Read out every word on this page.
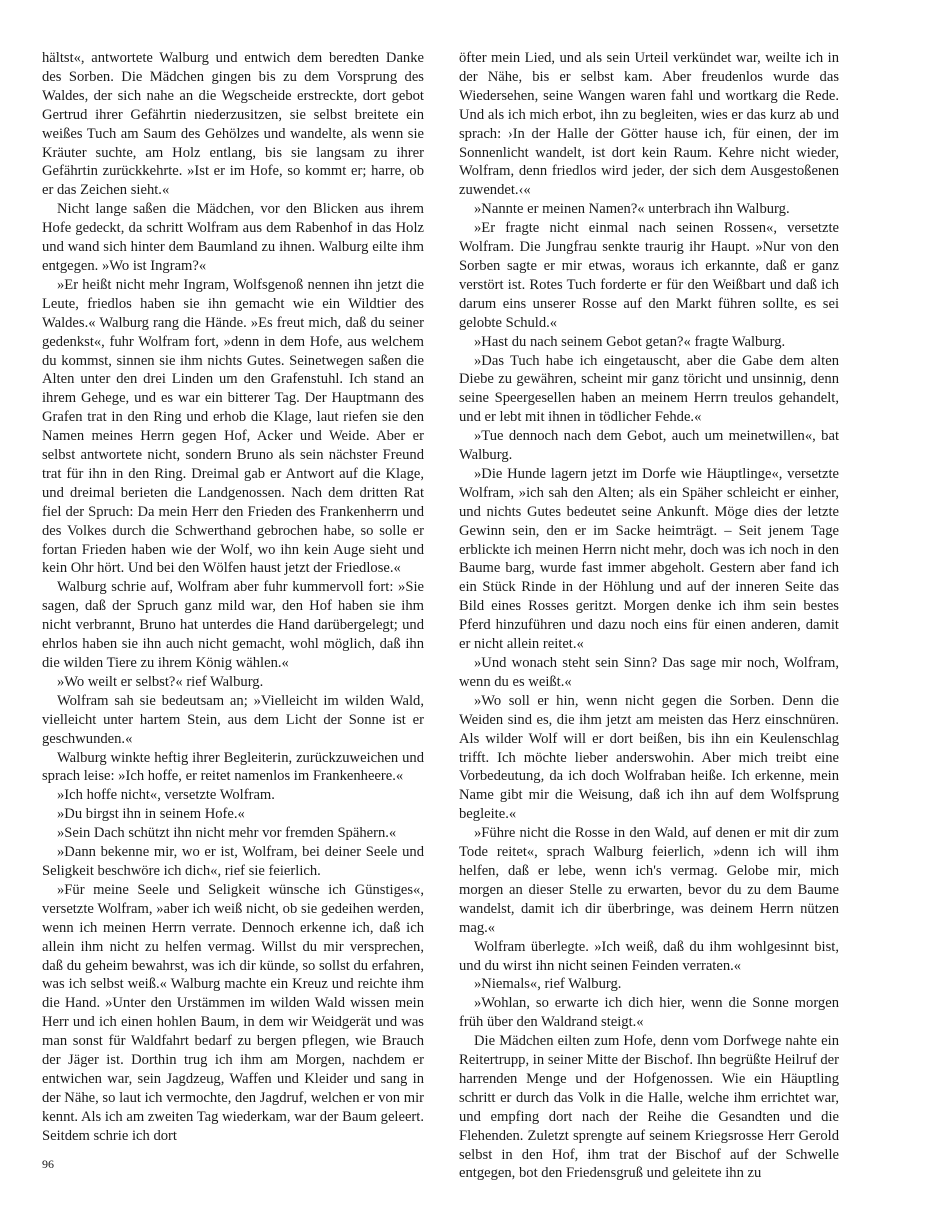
hältst«, antwortete Walburg und entwich dem beredten Danke des Sorben. Die Mädchen gingen bis zu dem Vorsprung des Waldes, der sich nahe an die Wegscheide erstreckte, dort gebot Gertrud ihrer Gefährtin niederzusitzen, sie selbst breitete ein weißes Tuch am Saum des Gehölzes und wandelte, als wenn sie Kräuter suchte, am Holz entlang, bis sie langsam zu ihrer Gefährtin zurückkehrte. »Ist er im Hofe, so kommt er; harre, ob er das Zeichen sieht.«

Nicht lange saßen die Mädchen, vor den Blicken aus ihrem Hofe gedeckt, da schritt Wolfram aus dem Rabenhof in das Holz und wand sich hinter dem Baumland zu ihnen. Walburg eilte ihm entgegen. »Wo ist Ingram?«

»Er heißt nicht mehr Ingram, Wolfsgenoß nennen ihn jetzt die Leute, friedlos haben sie ihn gemacht wie ein Wildtier des Waldes.« Walburg rang die Hände. »Es freut mich, daß du seiner gedenkst«, fuhr Wolfram fort, »denn in dem Hofe, aus welchem du kommst, sinnen sie ihm nichts Gutes. Seinetwegen saßen die Alten unter den drei Linden um den Grafenstuhl. Ich stand an ihrem Gehege, und es war ein bitterer Tag. Der Hauptmann des Grafen trat in den Ring und erhob die Klage, laut riefen sie den Namen meines Herrn gegen Hof, Acker und Weide. Aber er selbst antwortete nicht, sondern Bruno als sein nächster Freund trat für ihn in den Ring. Dreimal gab er Antwort auf die Klage, und dreimal berieten die Landgenossen. Nach dem dritten Rat fiel der Spruch: Da mein Herr den Frieden des Frankenherrn und des Volkes durch die Schwerthand gebrochen habe, so solle er fortan Frieden haben wie der Wolf, wo ihn kein Auge sieht und kein Ohr hört. Und bei den Wölfen haust jetzt der Friedlose.«

Walburg schrie auf, Wolfram aber fuhr kummervoll fort: »Sie sagen, daß der Spruch ganz mild war, den Hof haben sie ihm nicht verbrannt, Bruno hat unterdes die Hand darübergelegt; und ehrlos haben sie ihn auch nicht gemacht, wohl möglich, daß ihn die wilden Tiere zu ihrem König wählen.«

»Wo weilt er selbst?« rief Walburg.

Wolfram sah sie bedeutsam an; »Vielleicht im wilden Wald, vielleicht unter hartem Stein, aus dem Licht der Sonne ist er geschwunden.«

Walburg winkte heftig ihrer Begleiterin, zurückzuweichen und sprach leise: »Ich hoffe, er reitet namenlos im Frankenheere.«

»Ich hoffe nicht«, versetzte Wolfram.

»Du birgst ihn in seinem Hofe.«

»Sein Dach schützt ihn nicht mehr vor fremden Spähern.«

»Dann bekenne mir, wo er ist, Wolfram, bei deiner Seele und Seligkeit beschwöre ich dich«, rief sie feierlich.

»Für meine Seele und Seligkeit wünsche ich Günstiges«, versetzte Wolfram, »aber ich weiß nicht, ob sie gedeihen werden, wenn ich meinen Herrn verrate. Dennoch erkenne ich, daß ich allein ihm nicht zu helfen vermag. Willst du mir versprechen, daß du geheim bewahrst, was ich dir künde, so sollst du erfahren, was ich selbst weiß.« Walburg machte ein Kreuz und reichte ihm die Hand. »Unter den Urstämmen im wilden Wald wissen mein Herr und ich einen hohlen Baum, in dem wir Weidgerät und was man sonst für Waldfahrt bedarf zu bergen pflegen, wie Brauch der Jäger ist. Dorthin trug ich ihm am Morgen, nachdem er entwichen war, sein Jagdzeug, Waffen und Kleider und sang in der Nähe, so laut ich vermochte, den Jagdruf, welchen er von mir kennt. Als ich am zweiten Tag wiederkam, war der Baum geleert. Seitdem schrie ich dort

öfter mein Lied, und als sein Urteil verkündet war, weilte ich in der Nähe, bis er selbst kam. Aber freudenlos wurde das Wiedersehen, seine Wangen waren fahl und wortkarg die Rede. Und als ich mich erbot, ihn zu begleiten, wies er das kurz ab und sprach: ›In der Halle der Götter hause ich, für einen, der im Sonnenlicht wandelt, ist dort kein Raum. Kehre nicht wieder, Wolfram, denn friedlos wird jeder, der sich dem Ausgestoßenen zuwendet.‹«

»Nannte er meinen Namen?« unterbrach ihn Walburg.

»Er fragte nicht einmal nach seinen Rossen«, versetzte Wolfram. Die Jungfrau senkte traurig ihr Haupt. »Nur von den Sorben sagte er mir etwas, woraus ich erkannte, daß er ganz verstört ist. Rotes Tuch forderte er für den Weißbart und daß ich darum eins unserer Rosse auf den Markt führen sollte, es sei gelobte Schuld.«

»Hast du nach seinem Gebot getan?« fragte Walburg.

»Das Tuch habe ich eingetauscht, aber die Gabe dem alten Diebe zu gewähren, scheint mir ganz töricht und unsinnig, denn seine Speergesellen haben an meinem Herrn treulos gehandelt, und er lebt mit ihnen in tödlicher Fehde.«

»Tue dennoch nach dem Gebot, auch um meinetwillen«, bat Walburg.

»Die Hunde lagern jetzt im Dorfe wie Häuptlinge«, versetzte Wolfram, »ich sah den Alten; als ein Späher schleicht er einher, und nichts Gutes bedeutet seine Ankunft. Möge dies der letzte Gewinn sein, den er im Sacke heimträgt. – Seit jenem Tage erblickte ich meinen Herrn nicht mehr, doch was ich noch in den Baume barg, wurde fast immer abgeholt. Gestern aber fand ich ein Stück Rinde in der Höhlung und auf der inneren Seite das Bild eines Rosses geritzt. Morgen denke ich ihm sein bestes Pferd hinzuführen und dazu noch eins für einen anderen, damit er nicht allein reitet.«

»Und wonach steht sein Sinn? Das sage mir noch, Wolfram, wenn du es weißt.«

»Wo soll er hin, wenn nicht gegen die Sorben. Denn die Weiden sind es, die ihm jetzt am meisten das Herz einschnüren. Als wilder Wolf will er dort beißen, bis ihn ein Keulenschlag trifft. Ich möchte lieber anderswohin. Aber mich treibt eine Vorbedeutung, da ich doch Wolfraban heiße. Ich erkenne, mein Name gibt mir die Weisung, daß ich ihn auf dem Wolfsprung begleite.«

»Führe nicht die Rosse in den Wald, auf denen er mit dir zum Tode reitet«, sprach Walburg feierlich, »denn ich will ihm helfen, daß er lebe, wenn ich's vermag. Gelobe mir, mich morgen an dieser Stelle zu erwarten, bevor du zu dem Baume wandelst, damit ich dir überbringe, was deinem Herrn nützen mag.«

Wolfram überlegte. »Ich weiß, daß du ihm wohlgesinnt bist, und du wirst ihn nicht seinen Feinden verraten.«

»Niemals«, rief Walburg.

»Wohlan, so erwarte ich dich hier, wenn die Sonne morgen früh über den Waldrand steigt.«

Die Mädchen eilten zum Hofe, denn vom Dorfwege nahte ein Reitertrupp, in seiner Mitte der Bischof. Ihn begrüßte Heilruf der harrenden Menge und der Hofgenossen. Wie ein Häuptling schritt er durch das Volk in die Halle, welche ihm errichtet war, und empfing dort nach der Reihe die Gesandten und die Flehenden. Zuletzt sprengte auf seinem Kriegsrosse Herr Gerold selbst in den Hof, ihm trat der Bischof auf der Schwelle entgegen, bot den Friedensgruß und geleitete ihn zu

96
